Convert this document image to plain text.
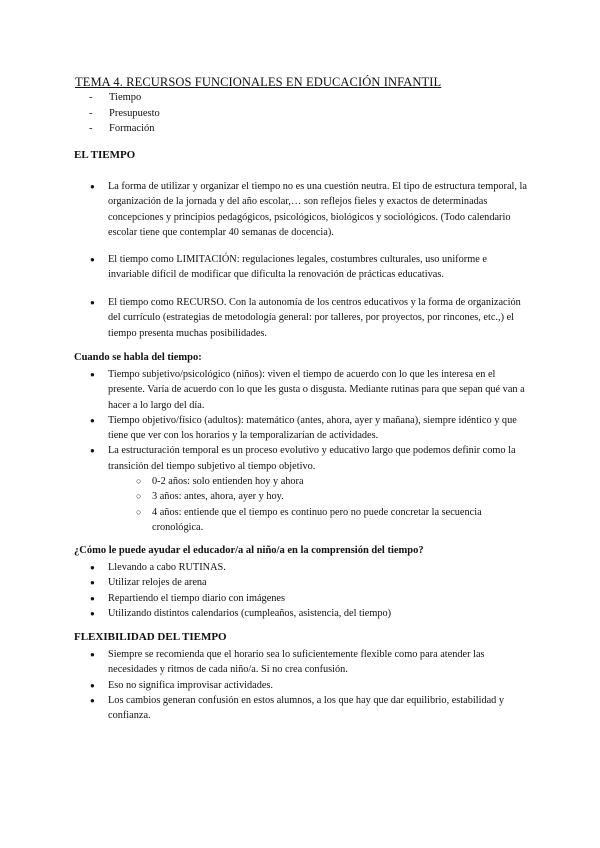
TEMA 4. RECURSOS FUNCIONALES EN EDUCACIÓN INFANTIL
- Tiempo
- Presupuesto
- Formación
EL TIEMPO
● La forma de utilizar y organizar el tiempo no es una cuestión neutra. El tipo de estructura temporal, la organización de la jornada y del año escolar,… son reflejos fieles y exactos de determinadas concepciones y principios pedagógicos, psicológicos, biológicos y sociológicos. (Todo calendario escolar tiene que contemplar 40 semanas de docencia).
● El tiempo como LIMITACIÓN: regulaciones legales, costumbres culturales, uso uniforme e invariable difícil de modificar que dificulta la renovación de prácticas educativas.
● El tiempo como RECURSO. Con la autonomía de los centros educativos y la forma de organización del currículo (estrategias de metodología general: por talleres, por proyectos, por rincones, etc.,) el tiempo presenta muchas posibilidades.
Cuando se habla del tiempo:
● Tiempo subjetivo/psicológico (niños): viven el tiempo de acuerdo con lo que les interesa en el presente. Varía de acuerdo con lo que les gusta o disgusta. Mediante rutinas para que sepan qué van a hacer a lo largo del día.
● Tiempo objetivo/físico (adultos): matemático (antes, ahora, ayer y mañana), siempre idéntico y que tiene que ver con los horarios y la temporalizarían de actividades.
● La estructuración temporal es un proceso evolutivo y educativo largo que podemos definir como la transición del tiempo subjetivo al tiempo objetivo.
○ 0-2 años: solo entienden hoy y ahora
○ 3 años: antes, ahora, ayer y hoy.
○ 4 años: entiende que el tiempo es continuo pero no puede concretar la secuencia cronológica.
¿Cómo le puede ayudar el educador/a al niño/a en la comprensión del tiempo?
● Llevando a cabo RUTINAS.
● Utilizar relojes de arena
● Repartiendo el tiempo diario con imágenes
● Utilizando distintos calendarios (cumpleaños, asistencia, del tiempo)
FLEXIBILIDAD DEL TIEMPO
● Siempre se recomienda que el horario sea lo suficientemente flexible como para atender las necesidades y ritmos de cada niño/a. Si no crea confusión.
● Eso no significa improvisar actividades.
● Los cambios generan confusión en estos alumnos, a los que hay que dar equilibrio, estabilidad y confianza.
